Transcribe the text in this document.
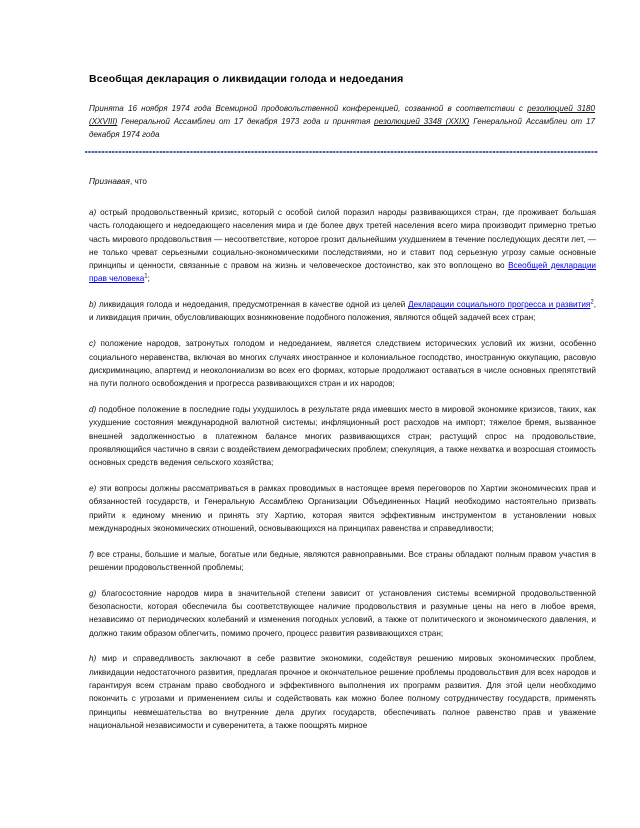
Всеобщая декларация о ликвидации голода и недоедания

Принята 16 ноября 1974 года Всемирной продовольственной конференцией, созванной в соответствии с резолюцией 3180 (XXVIII) Генеральной Ассамблеи от 17 декабря 1973 года и принятая резолюцией 3348 (XXIX) Генеральной Ассамблеи от 17 декабря 1974 года

Признавая, что

a) острый продовольственный кризис, который с особой силой поразил народы развивающихся стран, где проживает большая часть голодающего и недоедающего населения мира и где более двух третей населения всего мира производит примерно третью часть мирового продовольствия — несоответствие, которое грозит дальнейшим ухудшением в течение последующих десяти лет, — не только чреват серьезными социально-экономическими последствиями, но и ставит под серьезную угрозу самые основные принципы и ценности, связанные с правом на жизнь и человеческое достоинство, как это воплощено во Всеобщей декларации прав человека$^1$;

b) ликвидация голода и недоедания, предусмотренная в качестве одной из целей Декларации социального прогресса и развития$^2$, и ликвидация причин, обусловливающих возникновение подобного положения, являются общей задачей всех стран;

c) положение народов, затронутых голодом и недоеданием, является следствием исторических условий их жизни, особенно социального неравенства, включая во многих случаях иностранное и колониальное господство, иностранную оккупацию, расовую дискриминацию, апартеид и неоколониализм во всех его формах, которые продолжают оставаться в числе основных препятствий на пути полного освобождения и прогресса развивающихся стран и их народов;

d) подобное положение в последние годы ухудшилось в результате ряда имевших место в мировой экономике кризисов, таких, как ухудшение состояния международной валютной системы; инфляционный рост расходов на импорт; тяжелое бремя, вызванное внешней задолженностью в платежном балансе многих развивающихся стран; растущий спрос на продовольствие, проявляющийся частично в связи с воздействием демографических проблем; спекуляция, а также нехватка и возросшая стоимость основных средств ведения сельского хозяйства;

e) эти вопросы должны рассматриваться в рамках проводимых в настоящее время переговоров по Хартии экономических прав и обязанностей государств, и Генеральную Ассамблею Организации Объединенных Наций необходимо настоятельно призвать прийти к единому мнению и принять эту Хартию, которая явится эффективным инструментом в установлении новых международных экономических отношений, основывающихся на принципах равенства и справедливости;

f) все страны, большие и малые, богатые или бедные, являются равноправными. Все страны обладают полным правом участия в решении продовольственной проблемы;

g) благосостояние народов мира в значительной степени зависит от установления системы всемирной продовольственной безопасности, которая обеспечила бы соответствующее наличие продовольствия и разумные цены на него в любое время, независимо от периодических колебаний и изменения погодных условий, а также от политического и экономического давления, и должно таким образом облегчить, помимо прочего, процесс развития развивающихся стран;

h) мир и справедливость заключают в себе развитие экономики, содействуя решению мировых экономических проблем, ликвидации недостаточного развития, предлагая прочное и окончательное решение проблемы продовольствия для всех народов и гарантируя всем странам право свободного и эффективного выполнения их программ развития. Для этой цели необходимо покончить с угрозами и применением силы и содействовать как можно более полному сотрудничеству государств, применять принципы невмешательства во внутренние дела других государств, обеспечивать полное равенство прав и уважение национальной независимости и суверенитета, а также поощрять мирное
